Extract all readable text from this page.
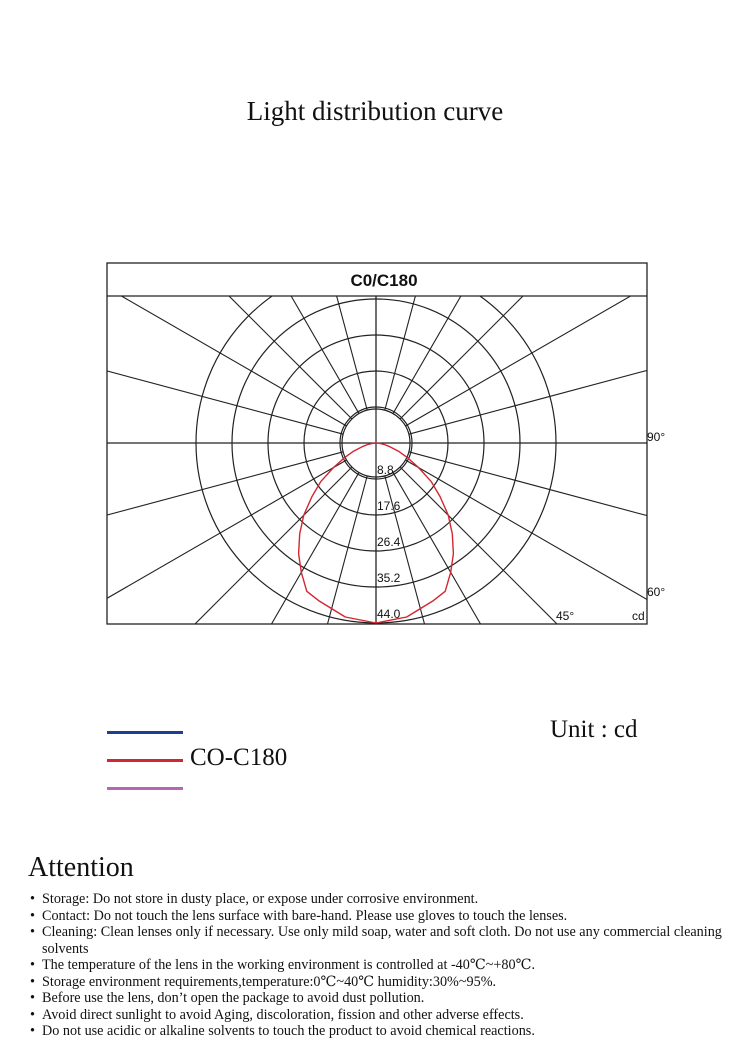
Light distribution curve
8.8
17.6
26.4
35.2
44.0
90°
60°
45°	cd
C0/C180
CO-C180
Unit : cd
Attention
• Storage: Do not store in dusty place, or expose under corrosive environment.
• Contact: Do not touch the lens surface with bare-hand. Please use gloves to touch the lenses.
• Cleaning: Clean lenses only if necessary. Use only mild soap, water and soft cloth. Do not use any commercial cleaning solvents
• The temperature of the lens in the working environment is controlled at -40℃~+80℃.
• Storage environment requirements,temperature:0℃~40℃ humidity:30%~95%.
• Before use the lens, don’t open the package to avoid dust pollution.
• Avoid direct sunlight to avoid Aging, discoloration, fission and other adverse effects.
• Do not use acidic or alkaline solvents to touch the product to avoid chemical reactions.
